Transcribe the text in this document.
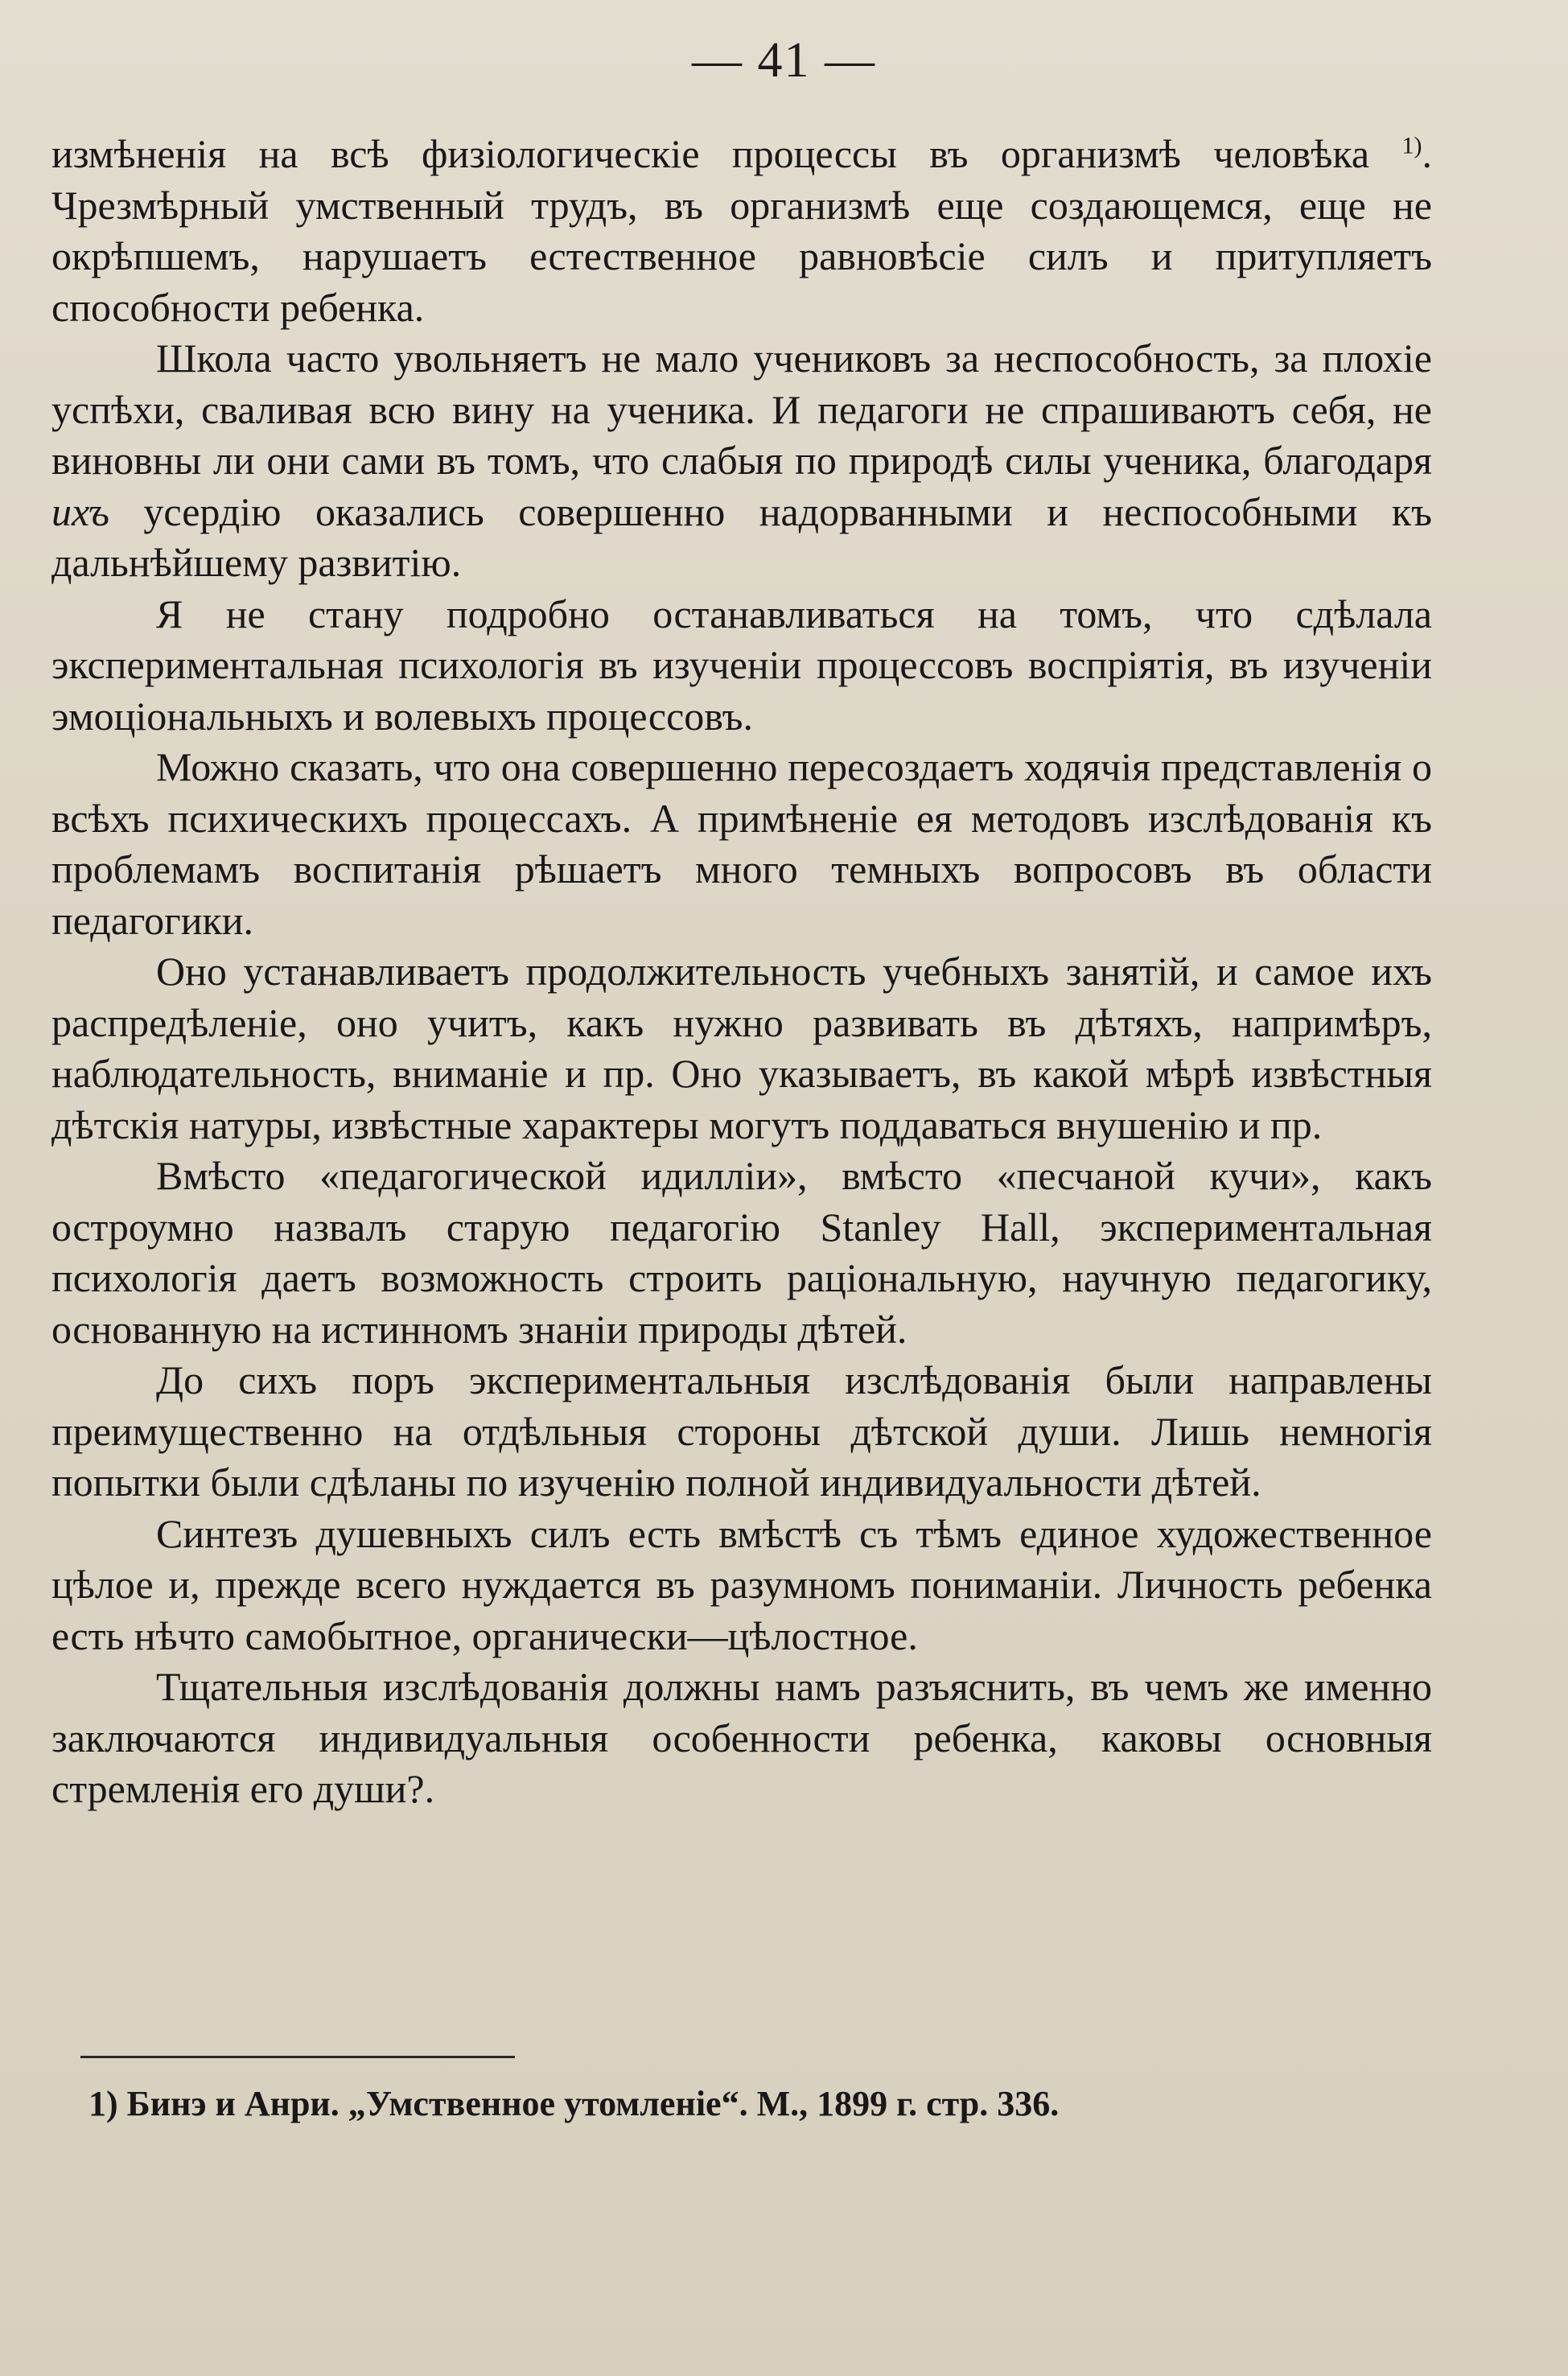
— 41 —

измѣненія на всѣ физіологическіе процессы въ организмѣ человѣка $^{1)}$. Чрезмѣрный умственный трудъ, въ организмѣ еще создающемся, еще не окрѣпшемъ, нарушаетъ естественное равновѣсіе силъ и притупляетъ способности ребенка.

Школа часто увольняетъ не мало учениковъ за неспособность, за плохіе успѣхи, сваливая всю вину на ученика. И педагоги не спрашиваютъ себя, не виновны ли они сами въ томъ, что слабыя по природѣ силы ученика, благодаря ихъ усердію оказались совершенно надорванными и неспособными къ дальнѣйшему развитію.

Я не стану подробно останавливаться на томъ, что сдѣлала экспериментальная психологія въ изученіи процессовъ воспріятія, въ изученіи эмоціональныхъ и волевыхъ процессовъ.

Можно сказать, что она совершенно пересоздаетъ ходячія представленія о всѣхъ психическихъ процессахъ. А примѣненіе ея методовъ изслѣдованія къ проблемамъ воспитанія рѣшаетъ много темныхъ вопросовъ въ области педагогики.

Оно устанавливаетъ продолжительность учебныхъ занятій, и самое ихъ распредѣленіе, оно учитъ, какъ нужно развивать въ дѣтяхъ, напримѣръ, наблюдательность, вниманіе и пр. Оно указываетъ, въ какой мѣрѣ извѣстныя дѣтскія натуры, извѣстные характеры могутъ поддаваться внушенію и пр.

Вмѣсто «педагогической идилліи», вмѣсто «песчаной кучи», какъ остроумно назвалъ старую педагогію Stanley Hall, экспериментальная психологія даетъ возможность строить раціональную, научную педагогику, основанную на истинномъ знаніи природы дѣтей.

До сихъ поръ экспериментальныя изслѣдованія были направлены преимущественно на отдѣльныя стороны дѣтской души. Лишь немногія попытки были сдѣланы по изученію полной индивидуальности дѣтей.

Синтезъ душевныхъ силъ есть вмѣстѣ съ тѣмъ единое художественное цѣлое и, прежде всего нуждается въ разумномъ пониманіи. Личность ребенка есть нѣчто самобытное, органически—цѣлостное.

Тщательныя изслѣдованія должны намъ разъяснить, въ чемъ же именно заключаются индивидуальныя особенности ребенка, каковы основныя стремленія его души?.

1) Бинэ и Анри. „Умственное утомленіе“. М., 1899 г. стр. 336.
